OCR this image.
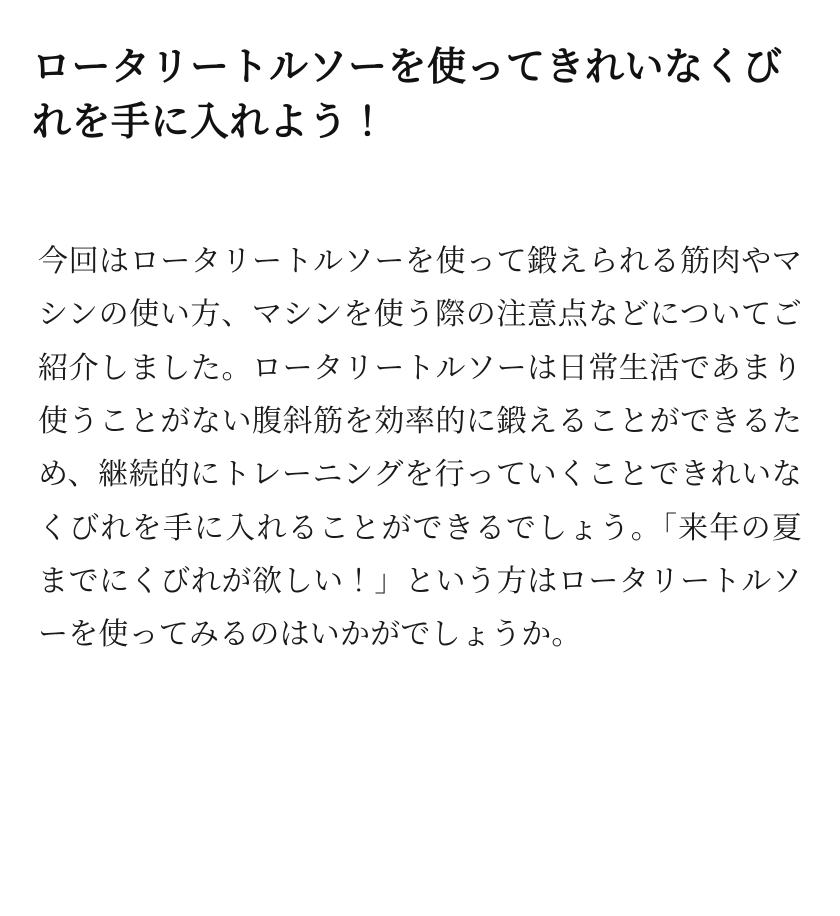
ロータリートルソーを使ってきれいなくびれを手に入れよう！

今回はロータリートルソーを使って鍛えられる筋肉やマシンの使い方、マシンを使う際の注意点などについてご紹介しました。ロータリートルソーは日常生活であまり使うことがない腹斜筋を効率的に鍛えることができるため、継続的にトレーニングを行っていくことできれいなくびれを手に入れることができるでしょう。「来年の夏までにくびれが欲しい！」という方はロータリートルソーを使ってみるのはいかがでしょうか。
